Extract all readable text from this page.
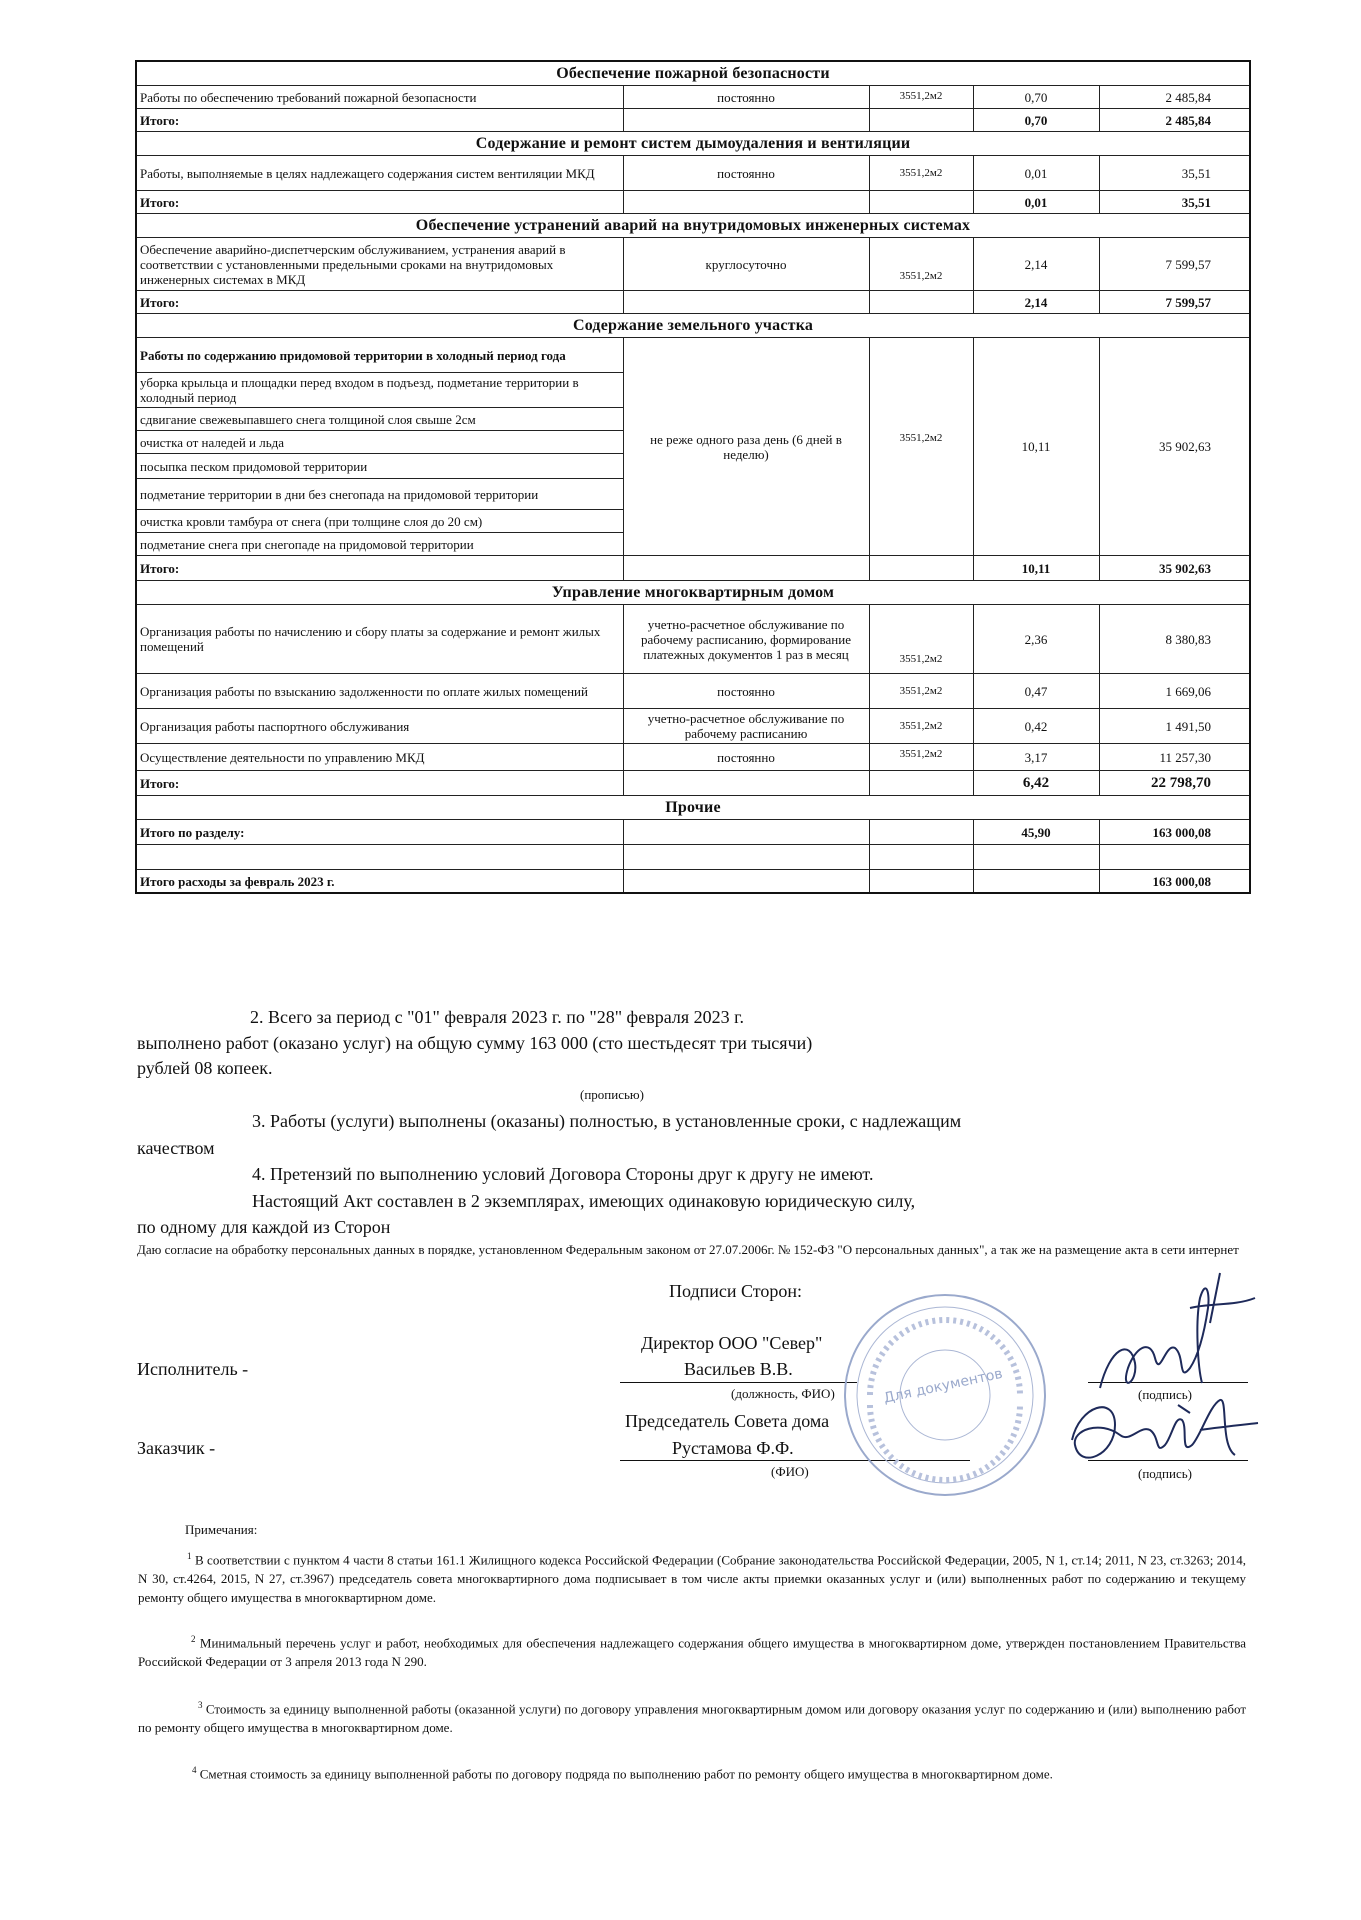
Обеспечение пожарной безопасности				
Работы по обеспечению требований пожарной безопасности	постоянно	3551,2м2	0,70	2 485,84
Итого:			0,70	2 485,84
Содержание и ремонт систем дымоудаления и вентиляции				
Работы, выполняемые в целях надлежащего содержания систем вентиляции МКД	постоянно	3551,2м2	0,01	35,51
Итого:			0,01	35,51
Обеспечение устранений аварий на внутридомовых инженерных системах				
Обеспечение аварийно-диспетчерским обслуживанием, устранения аварий в соответствии с установленными предельными сроками на внутридомовых инженерных системах в МКД	круглосуточно	3551,2м2	2,14	7 599,57
Итого:			2,14	7 599,57
Содержание земельного участка				
Работы по содержанию придомовой территории в холодный период года	не реже одного раза день (6 дней в неделю)	3551,2м2	10,11	35 902,63
уборка крыльца и площадки перед входом в подъезд, подметание территории в холодный период				
сдвигание свежевыпавшего снега толщиной слоя свыше 2см				
очистка от наледей и льда				
посыпка песком придомовой территории				
подметание территории в дни без снегопада на придомовой территории				
очистка кровли тамбура от снега (при толщине слоя до 20 см)				
подметание снега при снегопаде на придомовой территории				
Итого:			10,11	35 902,63
Управление многоквартирным домом				
Организация работы по начислению и сбору платы за содержание и ремонт жилых помещений	учетно-расчетное обслуживание по рабочему расписанию, формирование платежных документов 1 раз в месяц	3551,2м2	2,36	8 380,83
Организация работы по взысканию задолженности по оплате жилых помещений	постоянно	3551,2м2	0,47	1 669,06
Организация работы паспортного обслуживания	учетно-расчетное обслуживание по рабочему расписанию	3551,2м2	0,42	1 491,50
Осуществление деятельности по управлению МКД	постоянно	3551,2м2	3,17	11 257,30
Итого:			6,42	22 798,70
Прочие				
Итого по разделу:			45,90	163 000,08

Итого расходы за февраль 2023 г.				163 000,08
2. Всего за период с "01" февраля 2023 г. по "28" февраля 2023 г.
выполнено работ (оказано услуг) на общую сумму 163 000 (сто шестьдесят три тысячи)
рублей 08 копеек.
(прописью)
3. Работы (услуги) выполнены (оказаны) полностью, в установленные сроки, с надлежащим
качеством
4. Претензий по выполнению условий Договора Стороны друг к другу не имеют.
Настоящий Акт составлен в 2 экземплярах, имеющих одинаковую юридическую силу,
по одному для каждой из Сторон
Даю согласие на обработку персональных данных в порядке, установленном Федеральным законом от 27.07.2006г. № 152-ФЗ "О персональных данных", а так же на размещение акта в сети интернет
Подписи Сторон:
Директор ООО "Север"
Исполнитель -	Васильев В.В.
(должность, ФИО)	(подпись)
Председатель Совета дома
Заказчик -	Рустамова Ф.Ф.
(ФИО)	(подпись)
Для документов
Примечания:
$^1$ В соответствии с пунктом 4 части 8 статьи 161.1 Жилищного кодекса Российской Федерации (Собрание законодательства Российской Федерации, 2005, N 1, ст.14; 2011, N 23, ст.3263; 2014, N 30, ст.4264, 2015, N 27, ст.3967) председатель совета многоквартирного дома подписывает в том числе акты приемки оказанных услуг и (или) выполненных работ по содержанию и текущему ремонту общего имущества в многоквартирном доме.
$^2$ Минимальный перечень услуг и работ, необходимых для обеспечения надлежащего содержания общего имущества в многоквартирном доме, утвержден постановлением Правительства Российской Федерации от 3 апреля 2013 года N 290.
$^3$ Стоимость за единицу выполненной работы (оказанной услуги) по договору управления многоквартирным домом или договору оказания услуг по содержанию и (или) выполнению работ по ремонту общего имущества в многоквартирном доме.
$^4$ Сметная стоимость за единицу выполненной работы по договору подряда по выполнению работ по ремонту общего имущества в многоквартирном доме.
